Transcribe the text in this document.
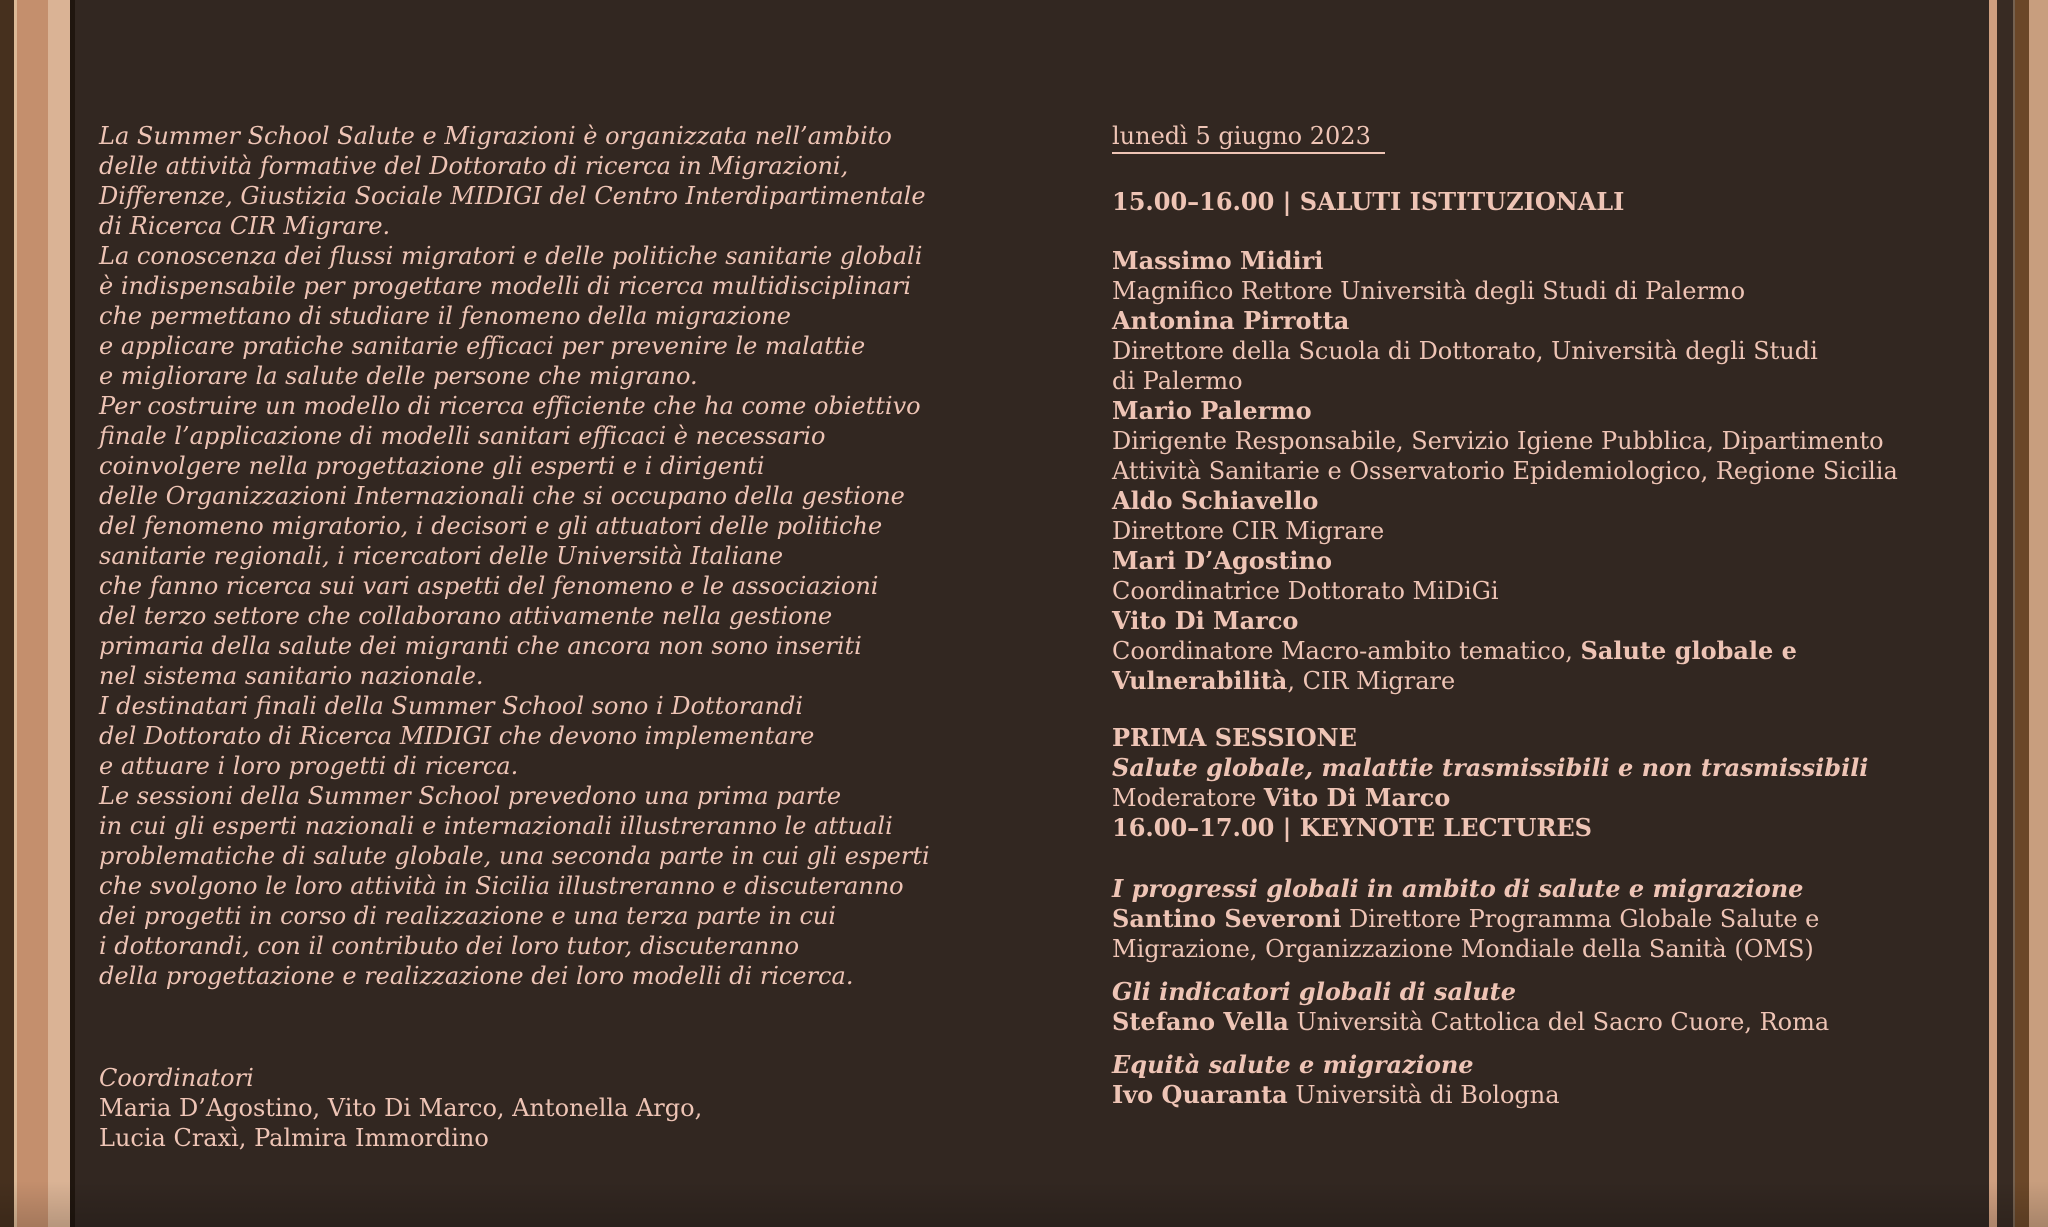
La Summer School Salute e Migrazioni è organizzata nell’ambito
delle attività formative del Dottorato di ricerca in Migrazioni,
Differenze, Giustizia Sociale MIDIGI del Centro Interdipartimentale
di Ricerca CIR Migrare.
La conoscenza dei flussi migratori e delle politiche sanitarie globali
è indispensabile per progettare modelli di ricerca multidisciplinari
che permettano di studiare il fenomeno della migrazione
e applicare pratiche sanitarie efficaci per prevenire le malattie
e migliorare la salute delle persone che migrano.
Per costruire un modello di ricerca efficiente che ha come obiettivo
finale l’applicazione di modelli sanitari efficaci è necessario
coinvolgere nella progettazione gli esperti e i dirigenti
delle Organizzazioni Internazionali che si occupano della gestione
del fenomeno migratorio, i decisori e gli attuatori delle politiche
sanitarie regionali, i ricercatori delle Università Italiane
che fanno ricerca sui vari aspetti del fenomeno e le associazioni
del terzo settore che collaborano attivamente nella gestione
primaria della salute dei migranti che ancora non sono inseriti
nel sistema sanitario nazionale.
I destinatari finali della Summer School sono i Dottorandi
del Dottorato di Ricerca MIDIGI che devono implementare
e attuare i loro progetti di ricerca.
Le sessioni della Summer School prevedono una prima parte
in cui gli esperti nazionali e internazionali illustreranno le attuali
problematiche di salute globale, una seconda parte in cui gli esperti
che svolgono le loro attività in Sicilia illustreranno e discuteranno
dei progetti in corso di realizzazione e una terza parte in cui
i dottorandi, con il contributo dei loro tutor, discuteranno
della progettazione e realizzazione dei loro modelli di ricerca.

Coordinatori

Maria D’Agostino, Vito Di Marco, Antonella Argo,
Lucia Craxì, Palmira Immordino

lunedì 5 giugno 2023

15.00–16.00 | SALUTI ISTITUZIONALI

Massimo Midiri

Magnifico Rettore Università degli Studi di Palermo

Antonina Pirrotta

Direttore della Scuola di Dottorato, Università degli Studi
di Palermo

Mario Palermo

Dirigente Responsabile, Servizio Igiene Pubblica, Dipartimento
Attività Sanitarie e Osservatorio Epidemiologico, Regione Sicilia

Aldo Schiavello

Direttore CIR Migrare

Mari D’Agostino

Coordinatrice Dottorato MiDiGi

Vito Di Marco

Coordinatore Macro-ambito tematico, Salute globale e
Vulnerabilità, CIR Migrare

PRIMA SESSIONE

Salute globale, malattie trasmissibili e non trasmissibili

Moderatore Vito Di Marco

16.00–17.00 | KEYNOTE LECTURES

I progressi globali in ambito di salute e migrazione

Santino Severoni Direttore Programma Globale Salute e
Migrazione, Organizzazione Mondiale della Sanità (OMS)

Gli indicatori globali di salute

Stefano Vella Università Cattolica del Sacro Cuore, Roma

Equità salute e migrazione

Ivo Quaranta Università di Bologna
